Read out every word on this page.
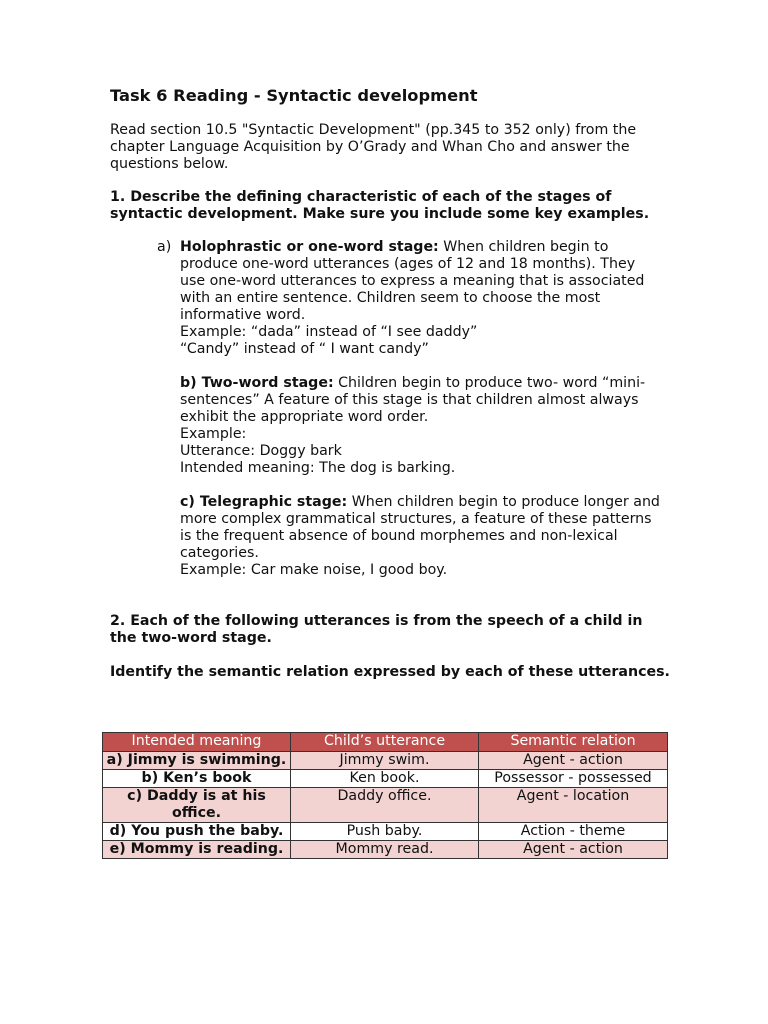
Task 6 Reading - Syntactic development

Read section 10.5 "Syntactic Development" (pp.345 to 352 only) from the chapter Language Acquisition by O’Grady and Whan Cho and answer the questions below.

1. Describe the defining characteristic of each of the stages of syntactic development. Make sure you include some key examples.

a) Holophrastic or one-word stage: When children begin to produce one-word utterances (ages of 12 and 18 months). They use one-word utterances to express a meaning that is associated with an entire sentence. Children seem to choose the most informative word.

Example: “dada” instead of “I see daddy”

“Candy” instead of “ I want candy”

b) Two-word stage: Children begin to produce two- word “mini-sentences” A feature of this stage is that children almost always exhibit the appropriate word order.

Example:

Utterance: Doggy bark

Intended meaning: The dog is barking.

c) Telegraphic stage: When children begin to produce longer and more complex grammatical structures, a feature of these patterns is the frequent absence of bound morphemes and non-lexical categories.

Example: Car make noise, I good boy.

2. Each of the following utterances is from the speech of a child in the two-word stage.

Identify the semantic relation expressed by each of these utterances.

Intended meaning	Child’s utterance	Semantic relation
a) Jimmy is swimming.	Jimmy swim.	Agent - action
b) Ken’s book	Ken book.	Possessor - possessed
c) Daddy is at his office.	Daddy office.	Agent - location
d) You push the baby.	Push baby.	Action - theme
e) Mommy is reading.	Mommy read.	Agent - action
